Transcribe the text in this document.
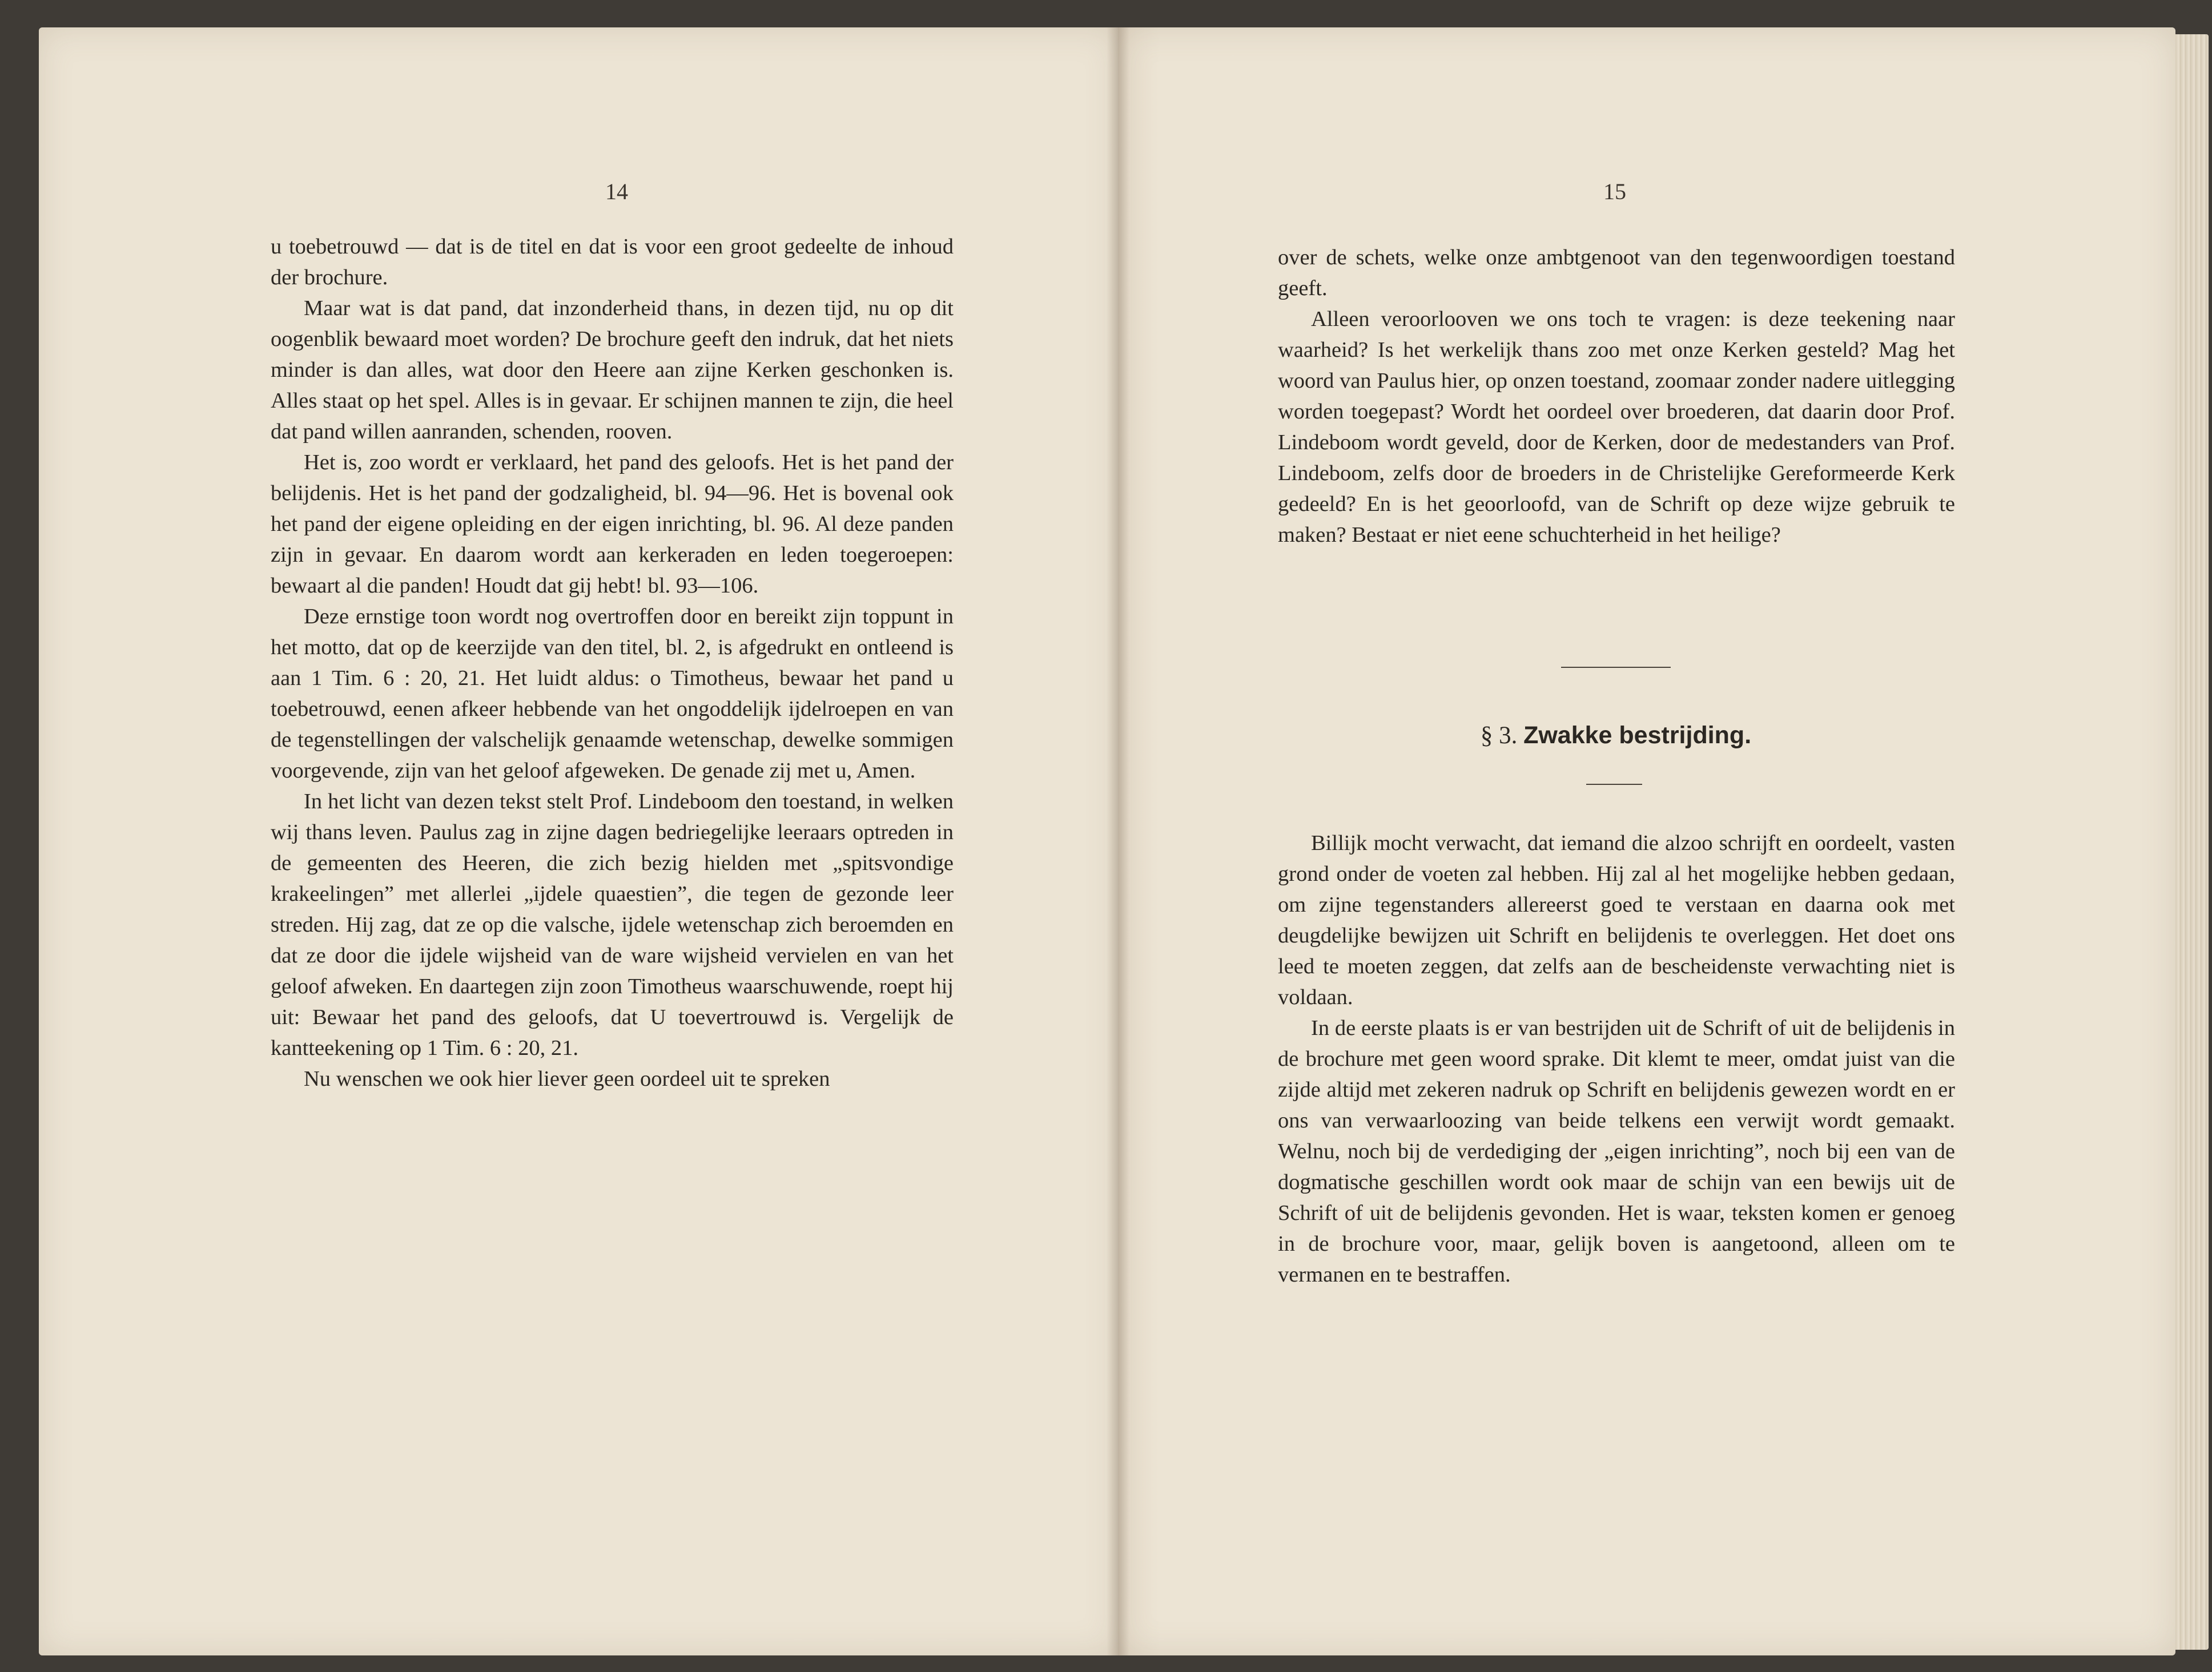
14

u toebetrouwd — dat is de titel en dat is voor een groot gedeelte de inhoud der brochure.

Maar wat is dat pand, dat inzonderheid thans, in dezen tijd, nu op dit oogenblik bewaard moet worden? De brochure geeft den indruk, dat het niets minder is dan alles, wat door den Heere aan zijne Kerken geschonken is. Alles staat op het spel. Alles is in gevaar. Er schijnen mannen te zijn, die heel dat pand willen aanranden, schenden, rooven.

Het is, zoo wordt er verklaard, het pand des geloofs. Het is het pand der belijdenis. Het is het pand der godzaligheid, bl. 94—96. Het is bovenal ook het pand der eigene opleiding en der eigen inrichting, bl. 96. Al deze panden zijn in gevaar. En daarom wordt aan kerkeraden en leden toegeroepen: bewaart al die panden! Houdt dat gij hebt! bl. 93—106.

Deze ernstige toon wordt nog overtroffen door en bereikt zijn toppunt in het motto, dat op de keerzijde van den titel, bl. 2, is afgedrukt en ontleend is aan 1 Tim. 6 : 20, 21. Het luidt aldus: o Timotheus, bewaar het pand u toebetrouwd, eenen afkeer hebbende van het ongoddelijk ijdelroepen en van de tegenstellingen der valschelijk genaamde wetenschap, dewelke sommigen voorgevende, zijn van het geloof afgeweken. De genade zij met u, Amen.

In het licht van dezen tekst stelt Prof. Lindeboom den toestand, in welken wij thans leven. Paulus zag in zijne dagen bedriegelijke leeraars optreden in de gemeenten des Heeren, die zich bezig hielden met „spitsvondige krakeelingen” met allerlei „ijdele quaestien”, die tegen de gezonde leer streden. Hij zag, dat ze op die valsche, ijdele wetenschap zich beroemden en dat ze door die ijdele wijsheid van de ware wijsheid vervielen en van het geloof afweken. En daartegen zijn zoon Timotheus waarschuwende, roept hij uit: Bewaar het pand des geloofs, dat U toevertrouwd is. Vergelijk de kantteekening op 1 Tim. 6 : 20, 21.

Nu wenschen we ook hier liever geen oordeel uit te spreken

15

over de schets, welke onze ambtgenoot van den tegenwoordigen toestand geeft.

Alleen veroorlooven we ons toch te vragen: is deze teekening naar waarheid? Is het werkelijk thans zoo met onze Kerken gesteld? Mag het woord van Paulus hier, op onzen toestand, zoomaar zonder nadere uitlegging worden toegepast? Wordt het oordeel over broederen, dat daarin door Prof. Lindeboom wordt geveld, door de Kerken, door de medestanders van Prof. Lindeboom, zelfs door de broeders in de Christelijke Gereformeerde Kerk gedeeld? En is het geoorloofd, van de Schrift op deze wijze gebruik te maken? Bestaat er niet eene schuchterheid in het heilige?

§ 3. Zwakke bestrijding.

Billijk mocht verwacht, dat iemand die alzoo schrijft en oordeelt, vasten grond onder de voeten zal hebben. Hij zal al het mogelijke hebben gedaan, om zijne tegenstanders allereerst goed te verstaan en daarna ook met deugdelijke bewijzen uit Schrift en belijdenis te overleggen. Het doet ons leed te moeten zeggen, dat zelfs aan de bescheidenste verwachting niet is voldaan.

In de eerste plaats is er van bestrijden uit de Schrift of uit de belijdenis in de brochure met geen woord sprake. Dit klemt te meer, omdat juist van die zijde altijd met zekeren nadruk op Schrift en belijdenis gewezen wordt en er ons van verwaarloozing van beide telkens een verwijt wordt gemaakt. Welnu, noch bij de verdediging der „eigen inrichting”, noch bij een van de dogmatische geschillen wordt ook maar de schijn van een bewijs uit de Schrift of uit de belijdenis gevonden. Het is waar, teksten komen er genoeg in de brochure voor, maar, gelijk boven is aangetoond, alleen om te vermanen en te bestraffen.
